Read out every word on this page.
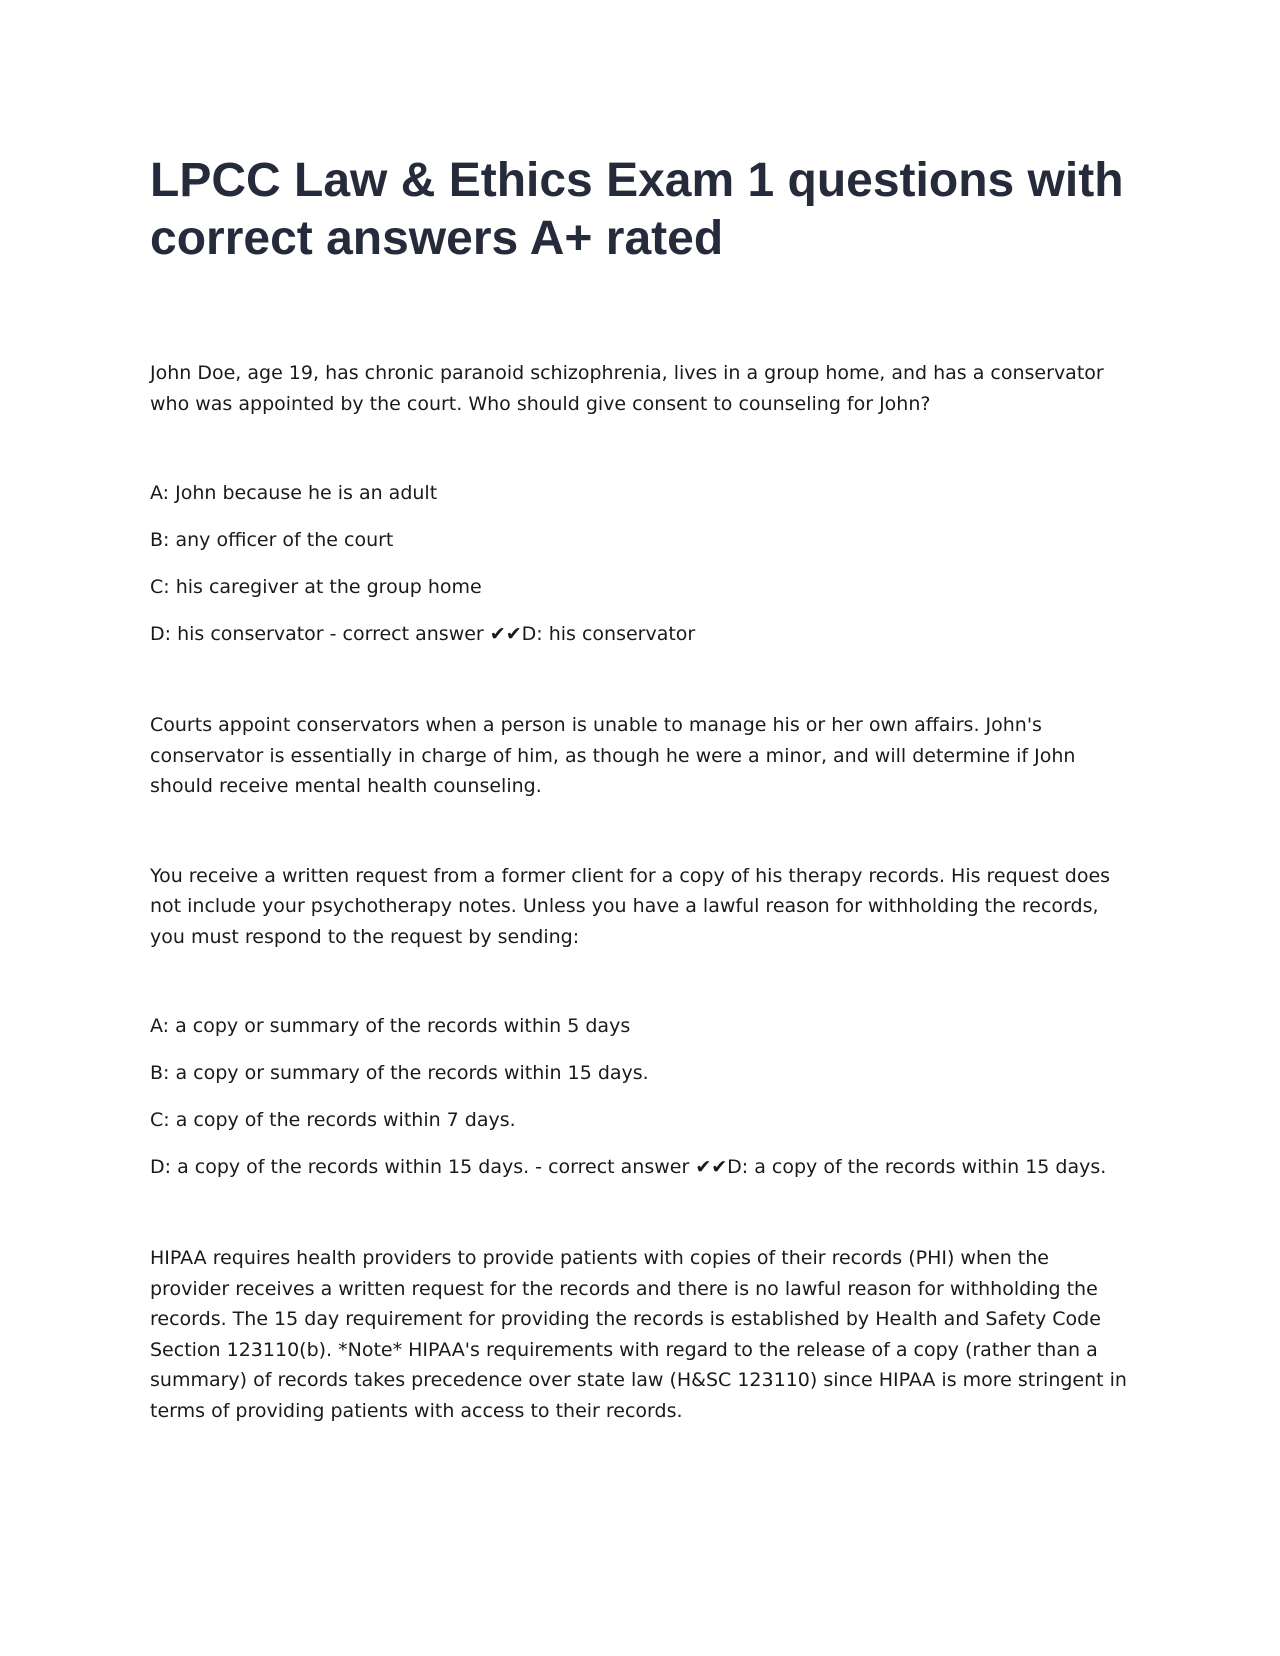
LPCC Law & Ethics Exam 1 questions with correct answers A+ rated

John Doe, age 19, has chronic paranoid schizophrenia, lives in a group home, and has a conservator who was appointed by the court. Who should give consent to counseling for John?

A: John because he is an adult

B: any officer of the court

C: his caregiver at the group home

D: his conservator - correct answer ✔✔D: his conservator

Courts appoint conservators when a person is unable to manage his or her own affairs. John's conservator is essentially in charge of him, as though he were a minor, and will determine if John should receive mental health counseling.

You receive a written request from a former client for a copy of his therapy records. His request does not include your psychotherapy notes. Unless you have a lawful reason for withholding the records, you must respond to the request by sending:

A: a copy or summary of the records within 5 days

B: a copy or summary of the records within 15 days.

C: a copy of the records within 7 days.

D: a copy of the records within 15 days. - correct answer ✔✔D: a copy of the records within 15 days.

HIPAA requires health providers to provide patients with copies of their records (PHI) when the provider receives a written request for the records and there is no lawful reason for withholding the records. The 15 day requirement for providing the records is established by Health and Safety Code Section 123110(b). *Note* HIPAA's requirements with regard to the release of a copy (rather than a summary) of records takes precedence over state law (H&SC 123110) since HIPAA is more stringent in terms of providing patients with access to their records.
